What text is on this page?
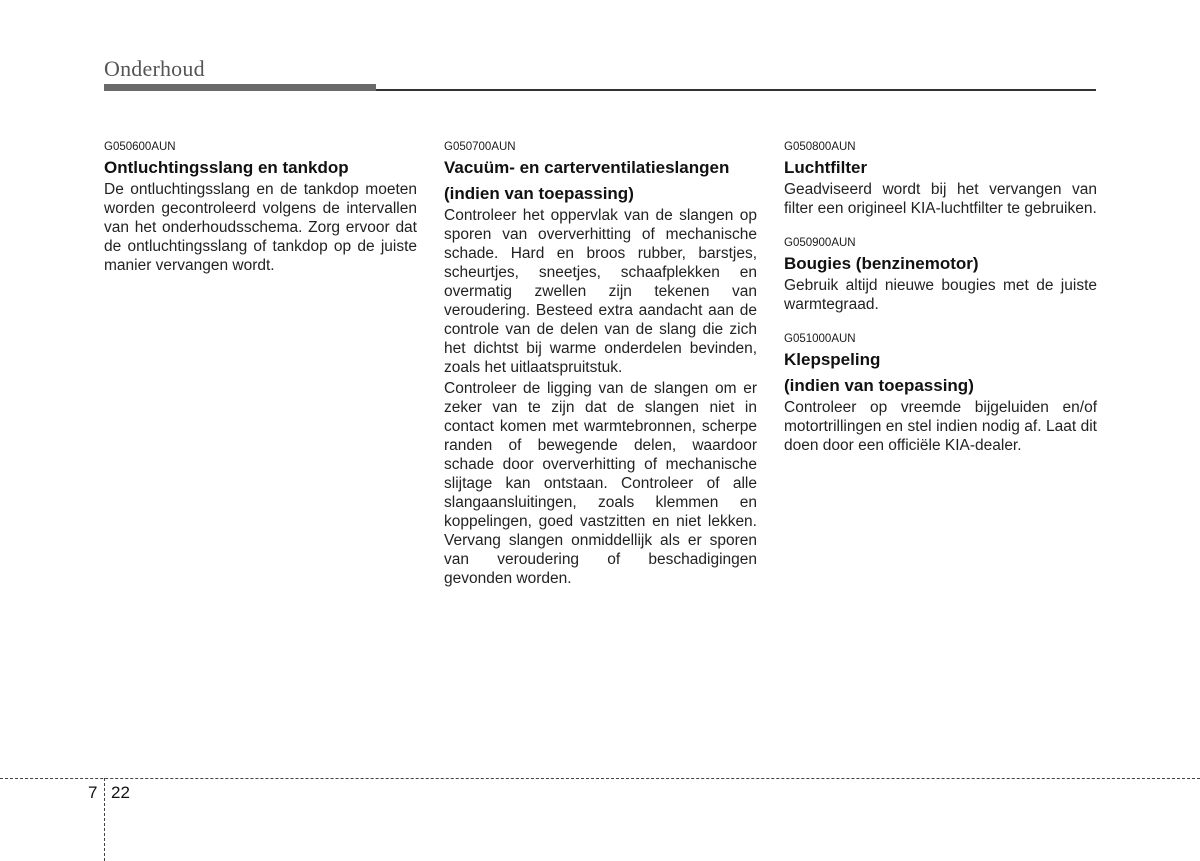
Onderhoud
G050600AUN
Ontluchtingsslang en tankdop
De ontluchtingsslang en de tankdop moeten worden gecontroleerd volgens de intervallen van het onderhoudsschema. Zorg ervoor dat de ontluchtingsslang of tankdop op de juiste manier vervangen wordt.
G050700AUN
Vacuüm- en carterventilatieslangen
(indien van toepassing)
Controleer het oppervlak van de slangen op sporen van oververhitting of mechanische schade. Hard en broos rubber, barstjes, scheurtjes, sneetjes, schaafplekken en overmatig zwellen zijn tekenen van veroudering. Besteed extra aandacht aan de controle van de delen van de slang die zich het dichtst bij warme onderdelen bevinden, zoals het uitlaatspruitstuk.
Controleer de ligging van de slangen om er zeker van te zijn dat de slangen niet in contact komen met warmtebronnen, scherpe randen of bewegende delen, waardoor schade door oververhitting of mechanische slijtage kan ontstaan. Controleer of alle slangaansluitingen, zoals klemmen en koppelingen, goed vastzitten en niet lekken. Vervang slangen onmiddellijk als er sporen van veroudering of beschadigingen gevonden worden.
G050800AUN
Luchtfilter
Geadviseerd wordt bij het vervangen van filter een origineel KIA-luchtfilter te gebruiken.
G050900AUN
Bougies (benzinemotor)
Gebruik altijd nieuwe bougies met de juiste warmtegraad.
G051000AUN
Klepspeling
(indien van toepassing)
Controleer op vreemde bijgeluiden en/of motortrillingen en stel indien nodig af. Laat dit doen door een officiële KIA-dealer.
7 22
